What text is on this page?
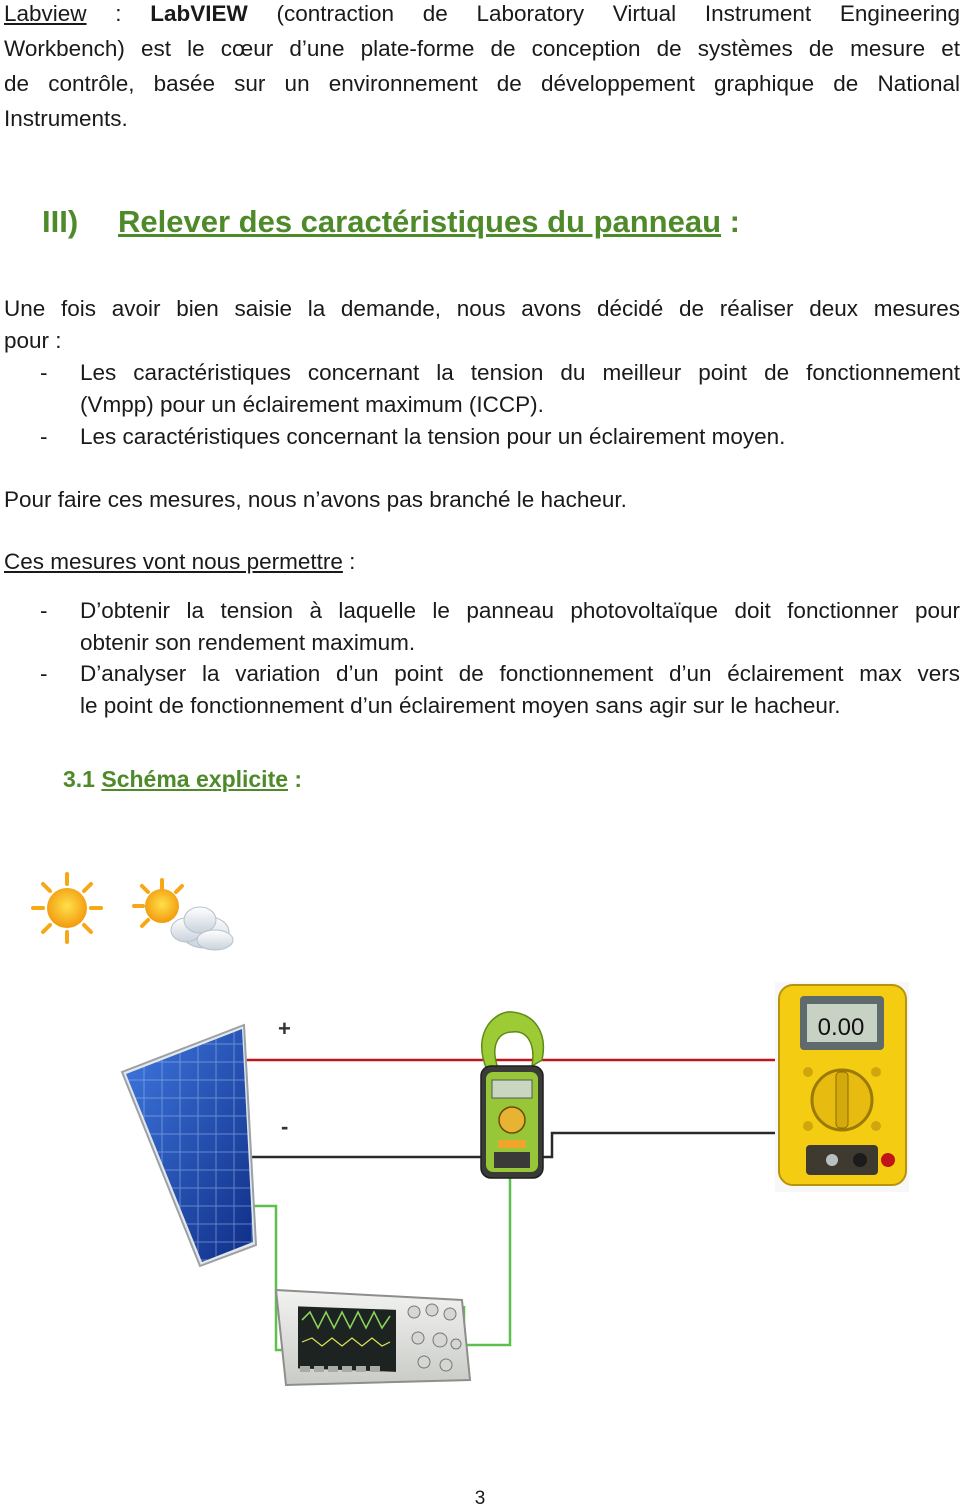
Labview : LabVIEW (contraction de Laboratory Virtual Instrument Engineering
Workbench) est le cœur d’une plate-forme de conception de systèmes de mesure et
de contrôle, basée sur un environnement de développement graphique de National
Instruments.
III) Relever des caractéristiques du panneau :
Une fois avoir bien saisie la demande, nous avons décidé de réaliser deux mesures
pour :
- Les caractéristiques concernant la tension du meilleur point de fonctionnement
(Vmpp) pour un éclairement maximum (ICCP).
- Les caractéristiques concernant la tension pour un éclairement moyen.
Pour faire ces mesures, nous n’avons pas branché le hacheur.
Ces mesures vont nous permettre :
- D’obtenir la tension à laquelle le panneau photovoltaïque doit fonctionner pour
obtenir son rendement maximum.
- D’analyser la variation d’un point de fonctionnement d’un éclairement max vers
le point de fonctionnement d’un éclairement moyen sans agir sur le hacheur.
3.1 Schéma explicite :
+
-
0.00
3
